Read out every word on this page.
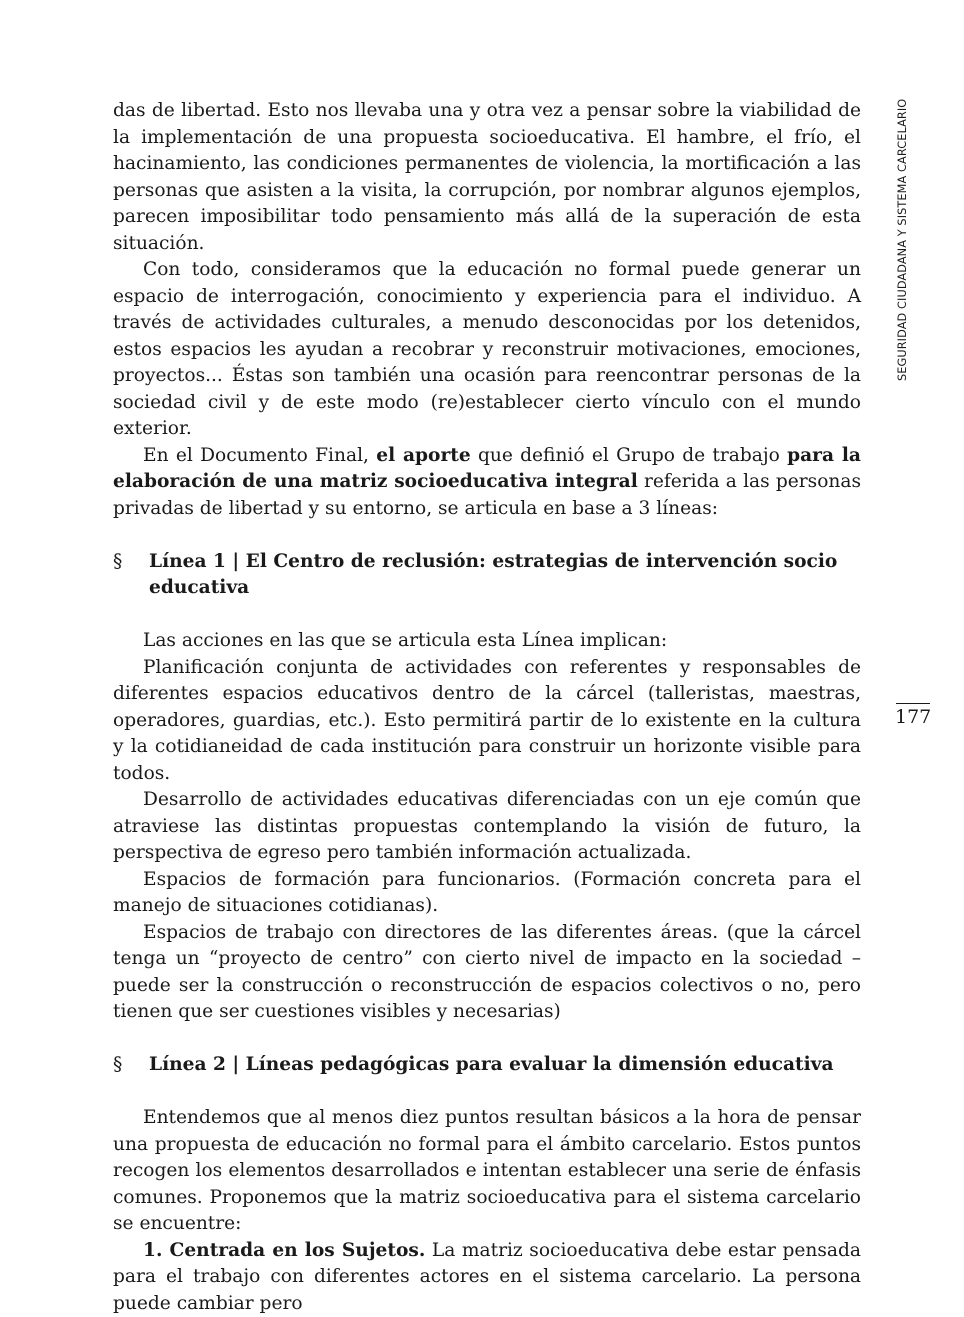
SEGURIDAD CIUDADANA Y SISTEMA CARCELARIO
177

das de libertad. Esto nos llevaba una y otra vez a pensar sobre la viabilidad de la implementación de una propuesta socioeducativa. El hambre, el frío, el hacinamiento, las condiciones permanentes de violencia, la mortificación a las personas que asisten a la visita, la corrupción, por nombrar algunos ejemplos, parecen imposibilitar todo pensamiento más allá de la superación de esta situación.

Con todo, consideramos que la educación no formal puede generar un espacio de interrogación, conocimiento y experiencia para el individuo. A través de actividades culturales, a menudo desconocidas por los detenidos, estos espacios les ayudan a recobrar y reconstruir motivaciones, emociones, proyectos... Éstas son también una ocasión para reencontrar personas de la sociedad civil y de este modo (re)establecer cierto vínculo con el mundo exterior.

En el Documento Final, el aporte que definió el Grupo de trabajo para la elaboración de una matriz socioeducativa integral referida a las personas privadas de libertad y su entorno, se articula en base a 3 líneas:

§	Línea 1 | El Centro de reclusión: estrategias de intervención socio educativa

Las acciones en las que se articula esta Línea implican:

Planificación conjunta de actividades con referentes y responsables de diferentes espacios educativos dentro de la cárcel (talleristas, maestras, operadores, guardias, etc.). Esto permitirá partir de lo existente en la cultura y la cotidianeidad de cada institución para construir un horizonte visible para todos.

Desarrollo de actividades educativas diferenciadas con un eje común que atraviese las distintas propuestas contemplando la visión de futuro, la perspectiva de egreso pero también información actualizada.

Espacios de formación para funcionarios. (Formación concreta para el manejo de situaciones cotidianas).

Espacios de trabajo con directores de las diferentes áreas. (que la cárcel tenga un “proyecto de centro” con cierto nivel de impacto en la sociedad –puede ser la construcción o reconstrucción de espacios colectivos o no, pero tienen que ser cuestiones visibles y necesarias)

§	Línea 2 | Líneas pedagógicas para evaluar la dimensión educativa

Entendemos que al menos diez puntos resultan básicos a la hora de pensar una propuesta de educación no formal para el ámbito carcelario. Estos puntos recogen los elementos desarrollados e intentan establecer una serie de énfasis comunes. Proponemos que la matriz socioeducativa para el sistema carcelario se encuentre:

1. Centrada en los Sujetos. La matriz socioeducativa debe estar pensada para el trabajo con diferentes actores en el sistema carcelario. La persona puede cambiar pero
